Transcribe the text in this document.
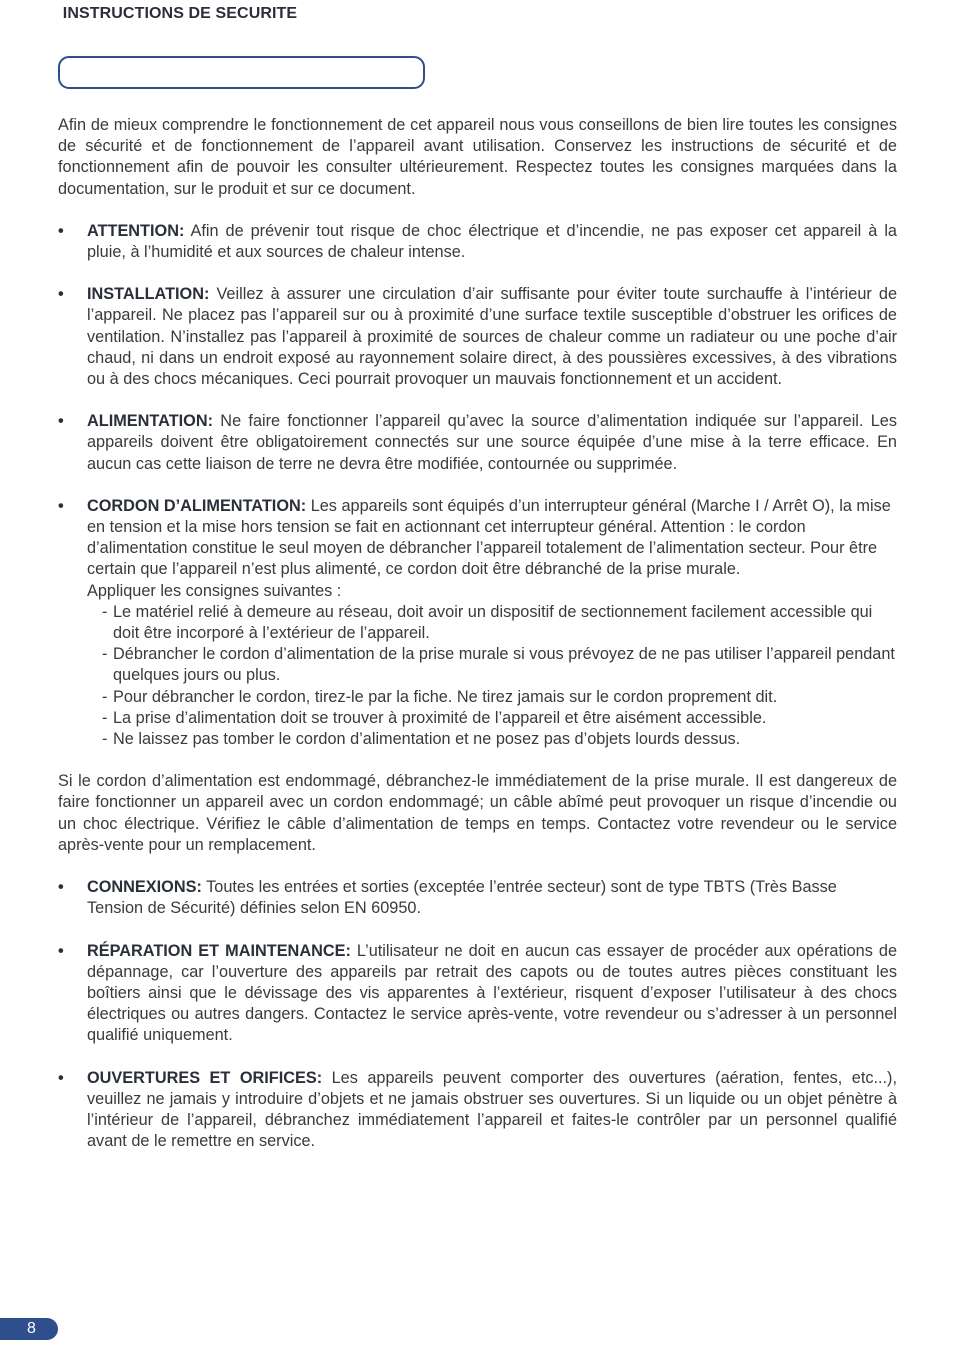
INSTRUCTIONS DE SECURITE

Afin de mieux comprendre le fonctionnement de cet appareil nous vous conseillons de bien lire toutes les consignes de sécurité et de fonctionnement de l’appareil avant utilisation. Conservez les instructions de sécurité et de fonctionnement afin de pouvoir les consulter ultérieurement. Respectez toutes les consignes marquées dans la documentation, sur le produit et sur ce document.

• ATTENTION: Afin de prévenir tout risque de choc électrique et d’incendie, ne pas exposer cet appareil à la pluie, à l’humidité et aux sources de chaleur intense.
• INSTALLATION: Veillez à assurer une circulation d’air suffisante pour éviter toute surchauffe à l’intérieur de l’appareil. Ne placez pas l’appareil sur ou à proximité d’une surface textile susceptible d’obstruer les orifices de ventilation. N’installez pas l’appareil à proximité de sources de chaleur comme un radiateur ou une poche d’air chaud, ni dans un endroit exposé au rayonnement solaire direct, à des poussières excessives, à des vibrations ou à des chocs mécaniques. Ceci pourrait provoquer un mauvais fonctionnement et un accident.
• ALIMENTATION: Ne faire fonctionner l’appareil qu’avec la source d’alimentation indiquée sur l’appareil. Les appareils doivent être obligatoirement connectés sur une source équipée d’une mise à la terre efficace. En aucun cas cette liaison de terre ne devra être modifiée, contournée ou supprimée.
• CORDON D’ALIMENTATION: Les appareils sont équipés d’un interrupteur général (Marche I / Arrêt O), la mise en tension et la mise hors tension se fait en actionnant cet interrupteur général. Attention : le cordon d’alimentation constitue le seul moyen de débrancher l’appareil totalement de l’alimentation secteur. Pour être certain que l’appareil n’est plus alimenté, ce cordon doit être débranché de la prise murale.
Appliquer les consignes suivantes :
- Le matériel relié à demeure au réseau, doit avoir un dispositif de sectionnement facilement accessible qui doit être incorporé à l’extérieur de l’appareil.
- Débrancher le cordon d’alimentation de la prise murale si vous prévoyez de ne pas utiliser l’appareil pendant quelques jours ou plus.
- Pour débrancher le cordon, tirez-le par la fiche. Ne tirez jamais sur le cordon proprement dit.
- La prise d’alimentation doit se trouver à proximité de l’appareil et être aisément accessible.
- Ne laissez pas tomber le cordon d’alimentation et ne posez pas d’objets lourds dessus.

Si le cordon d’alimentation est endommagé, débranchez-le immédiatement de la prise murale. Il est dangereux de faire fonctionner un appareil avec un cordon endommagé; un câble abîmé peut provoquer un risque d’incendie ou un choc électrique. Vérifiez le câble d’alimentation de temps en temps. Contactez votre revendeur ou le service après-vente pour un remplacement.

• CONNEXIONS: Toutes les entrées et sorties (exceptée l’entrée secteur) sont de type TBTS (Très Basse Tension de Sécurité) définies selon EN 60950.
• RÉPARATION ET MAINTENANCE: L’utilisateur ne doit en aucun cas essayer de procéder aux opérations de dépannage, car l’ouverture des appareils par retrait des capots ou de toutes autres pièces constituant les boîtiers ainsi que le dévissage des vis apparentes à l’extérieur, risquent d’exposer l’utilisateur à des chocs électriques ou autres dangers. Contactez le service après-vente, votre revendeur ou s’adresser à un personnel qualifié uniquement.
• OUVERTURES ET ORIFICES: Les appareils peuvent comporter des ouvertures (aération, fentes, etc...), veuillez ne jamais y introduire d’objets et ne jamais obstruer ses ouvertures. Si un liquide ou un objet pénètre à l’intérieur de l’appareil, débranchez immédiatement l’appareil et faites-le contrôler par un personnel qualifié avant de le remettre en service.
8
